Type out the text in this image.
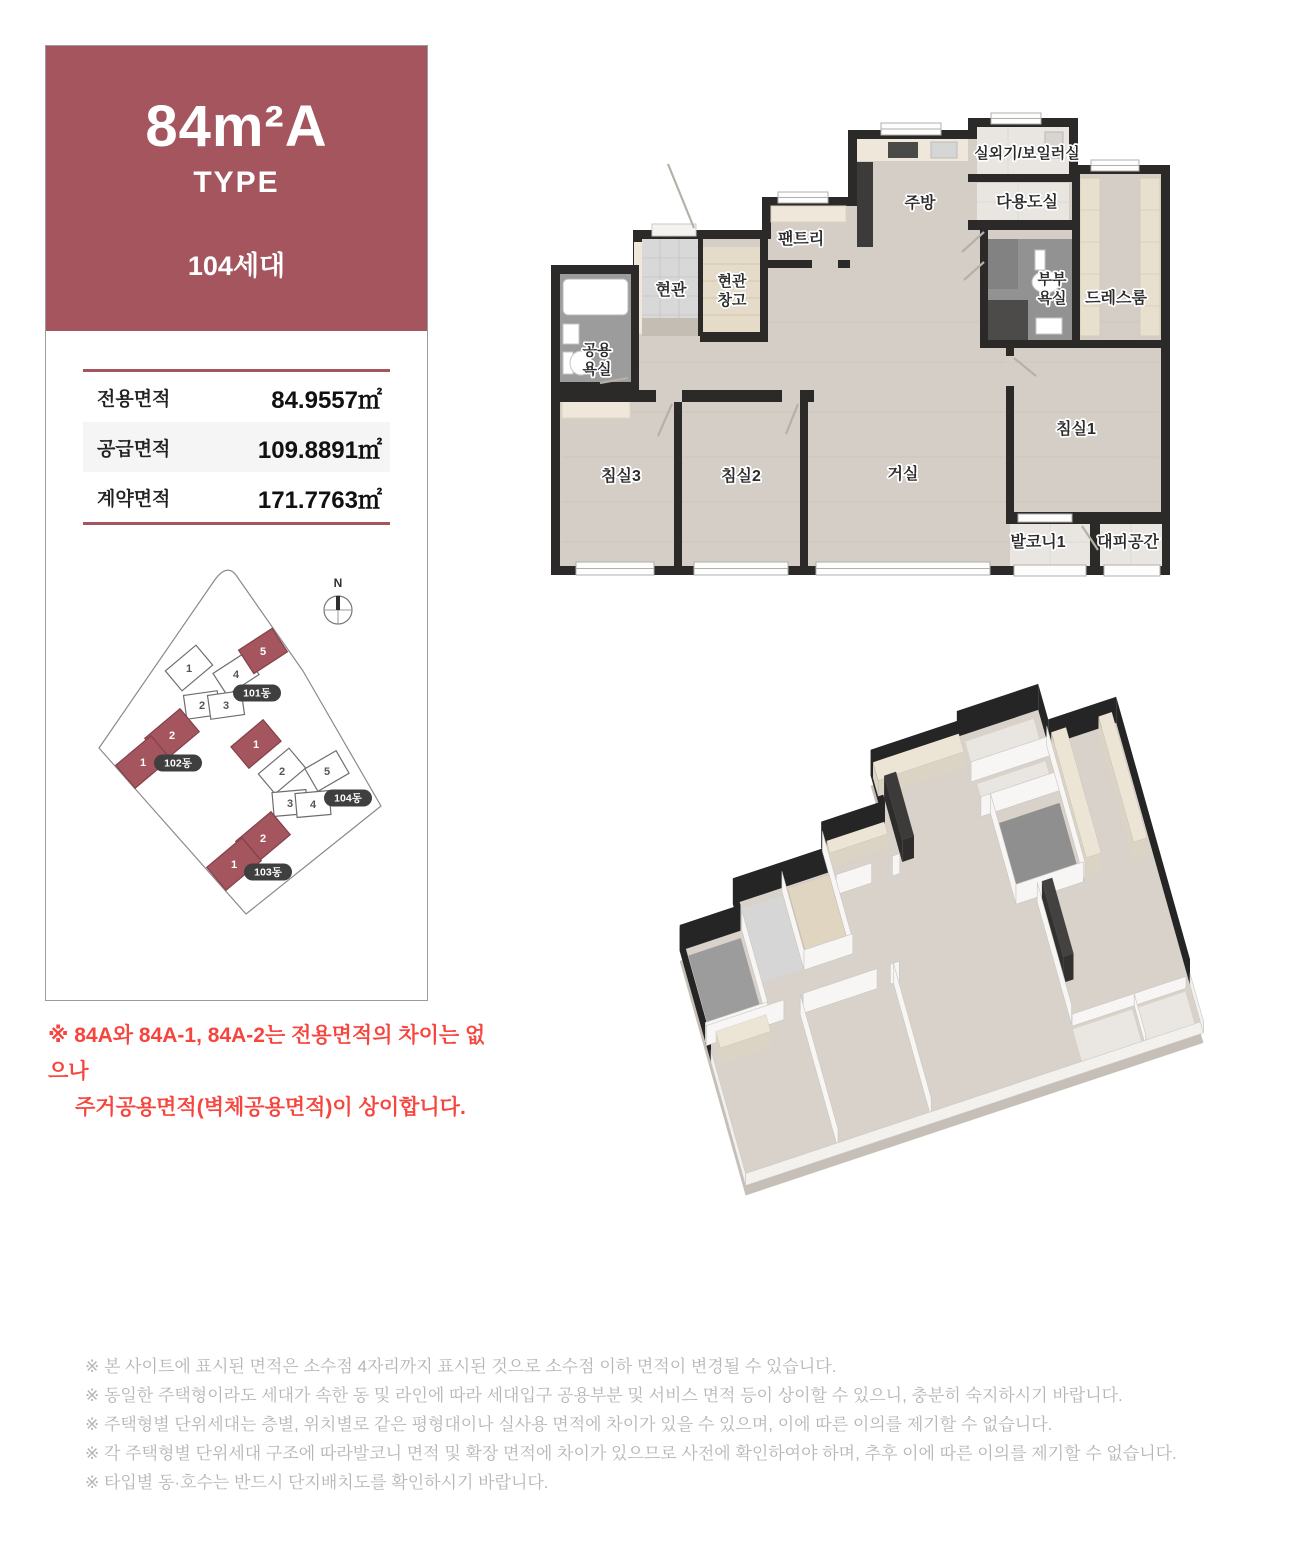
84m²A
TYPE
104세대
전용면적	84.9557㎡
공급면적	109.8891㎡
계약면적	171.7763㎡
N
1	4
5
2 3
101동
2
1 102동
1
2	5
3 4
104동
2
1
103동
※ 84A와 84A-1, 84A-2는 전용면적의 차이는 없으나
주거공용면적(벽체공용면적)이 상이합니다.
실외기/보일러실
주방	다용도실
팬트리
현관
현관
창고
부부
욕실 드레스룸
공용
욕실
침실1
침실3	침실2	거실
발코니1 대피공간
※ 본 사이트에 표시된 면적은 소수점 4자리까지 표시된 것으로 소수점 이하 면적이 변경될 수 있습니다.
※ 동일한 주택형이라도 세대가 속한 동 및 라인에 따라 세대입구 공용부분 및 서비스 면적 등이 상이할 수 있으니, 충분히 숙지하시기 바랍니다.
※ 주택형별 단위세대는 층별, 위치별로 같은 평형대이나 실사용 면적에 차이가 있을 수 있으며, 이에 따른 이의를 제기할 수 없습니다.
※ 각 주택형별 단위세대 구조에 따라발코니 면적 및 확장 면적에 차이가 있으므로 사전에 확인하여야 하며, 추후 이에 따른 이의를 제기할 수 없습니다.
※ 타입별 동·호수는 반드시 단지배치도를 확인하시기 바랍니다.
